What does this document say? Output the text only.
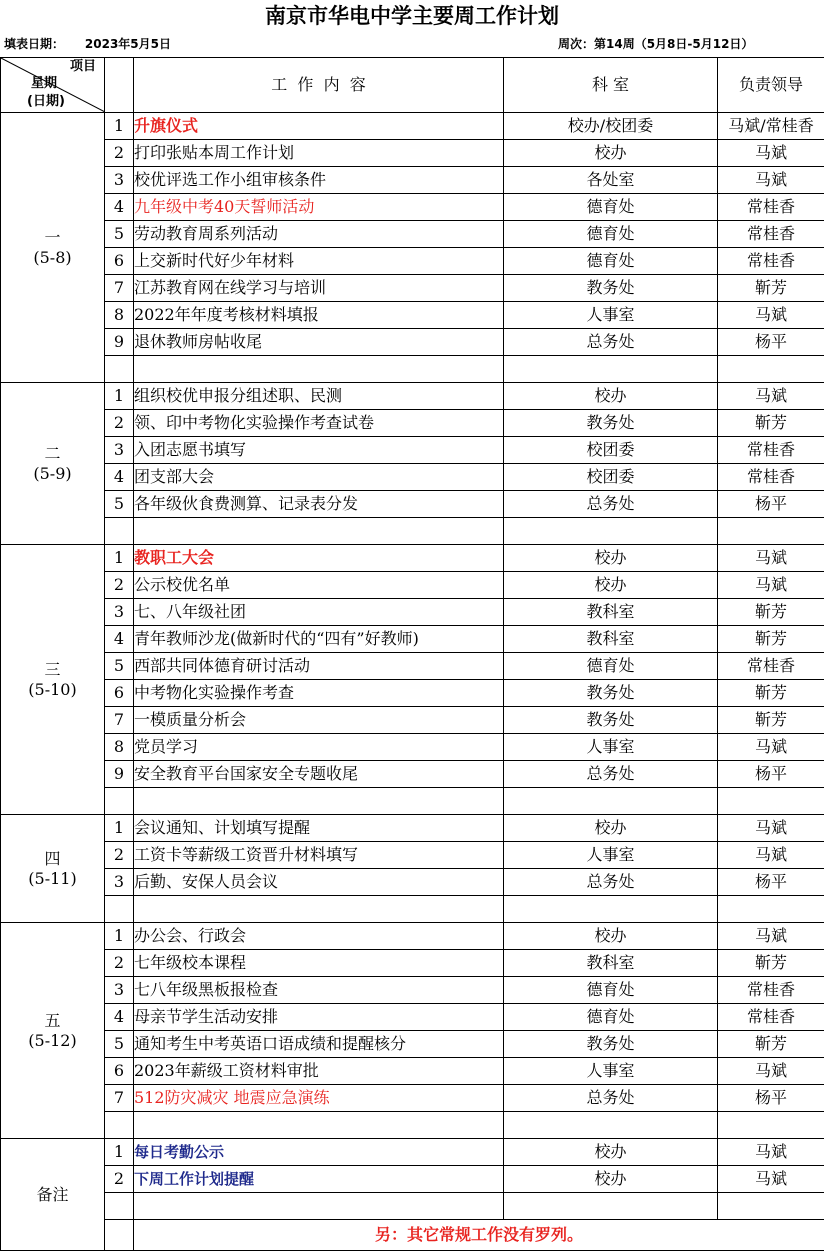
南京市华电中学主要周工作计划
填表日期： 2023年5月5日	周次：第14周（5月8日-5月12日）
项目
星期
(日期)		工  作  内  容	科 室	负责领导

一
(5-8)	1	升旗仪式	校办/校团委	马斌/常桂香
	2	打印张贴本周工作计划	校办	马斌
	3	校优评选工作小组审核条件	各处室	马斌
	4	九年级中考40天誓师活动	德育处	常桂香
	5	劳动教育周系列活动	德育处	常桂香
	6	上交新时代好少年材料	德育处	常桂香
	7	江苏教育网在线学习与培训	教务处	靳芳
	8	2022年年度考核材料填报	人事室	马斌
	9	退休教师房帖收尾	总务处	杨平

二
(5-9)	1	组织校优申报分组述职、民测	校办	马斌
	2	领、印中考物化实验操作考查试卷	教务处	靳芳
	3	入团志愿书填写	校团委	常桂香
	4	团支部大会	校团委	常桂香
	5	各年级伙食费测算、记录表分发	总务处	杨平

三
(5-10)	1	教职工大会	校办	马斌
	2	公示校优名单	校办	马斌
	3	七、八年级社团	教科室	靳芳
	4	青年教师沙龙(做新时代的“四有”好教师)	教科室	靳芳
	5	西部共同体德育研讨活动	德育处	常桂香
	6	中考物化实验操作考查	教务处	靳芳
	7	一模质量分析会	教务处	靳芳
	8	党员学习	人事室	马斌
	9	安全教育平台国家安全专题收尾	总务处	杨平

四
(5-11)	1	会议通知、计划填写提醒	校办	马斌
	2	工资卡等薪级工资晋升材料填写	人事室	马斌
	3	后勤、安保人员会议	总务处	杨平

五
(5-12)	1	办公会、行政会	校办	马斌
	2	七年级校本课程	教科室	靳芳
	3	七八年级黑板报检查	德育处	常桂香
	4	母亲节学生活动安排	德育处	常桂香
	5	通知考生中考英语口语成绩和提醒核分	教务处	靳芳
	6	2023年薪级工资材料审批	人事室	马斌
	7	512防灾减灾 地震应急演练	总务处	杨平

备注	1	每日考勤公示	校办	马斌
	2	下周工作计划提醒	校办	马斌

		另：其它常规工作没有罗列。		
